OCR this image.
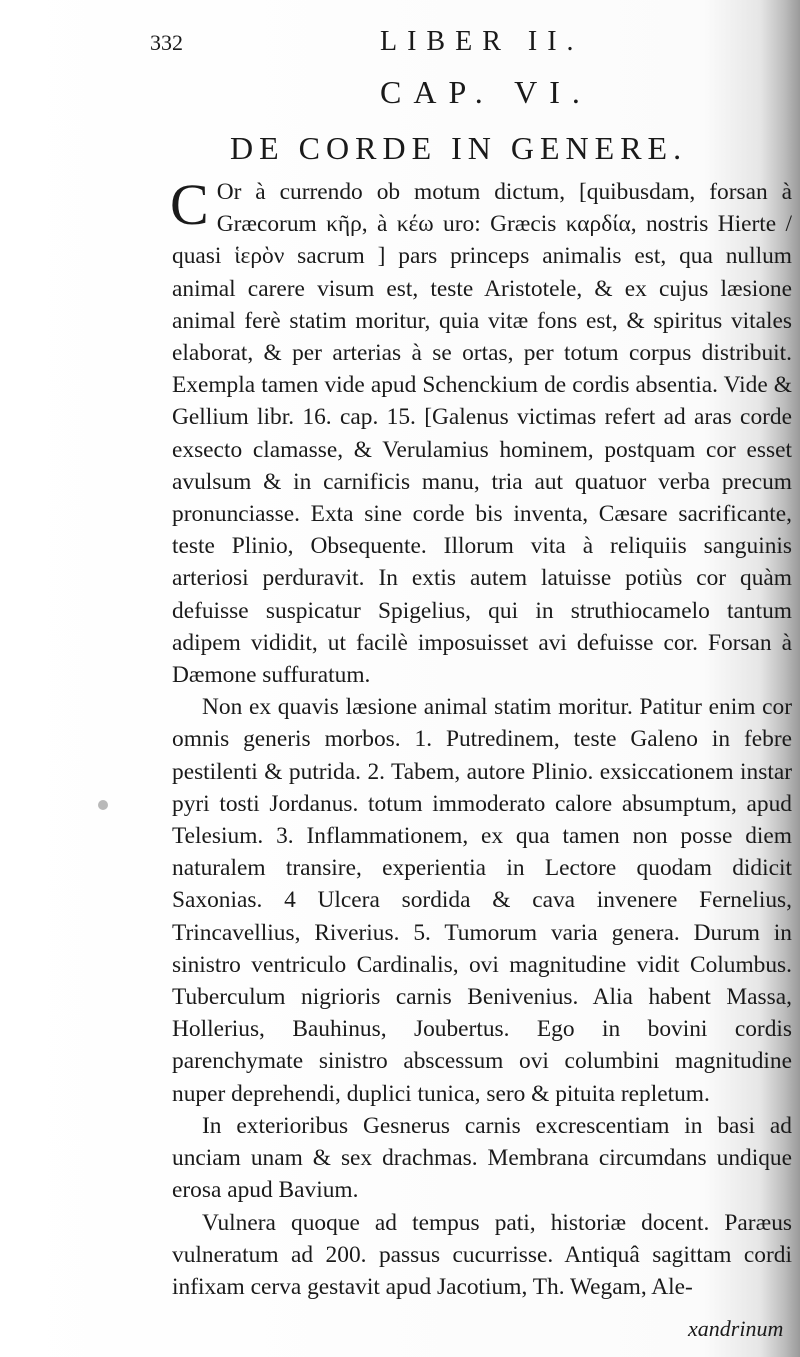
332	LIBER II.
CAP. VI.
DE CORDE IN GENERE.

C Or à currendo ob motum dictum, [quibusdam, forsan à Græcorum κῆρ, à κέω uro: Græcis καρδία, nostris Hierte / quasi ἱερὸν sacrum ] pars princeps animalis est, qua nullum animal carere visum est, teste Aristotele, & ex cujus læsione animal ferè statim moritur, quia vitæ fons est, & spiritus vitales elaborat, & per arterias à se ortas, per totum corpus distribuit. Exempla tamen vide apud Schenckium de cordis absentia. Vide & Gellium libr. 16. cap. 15. [Galenus victimas refert ad aras corde exsecto clamasse, & Verulamius hominem, postquam cor esset avulsum & in carnificis manu, tria aut quatuor verba precum pronunciasse. Exta sine corde bis inventa, Cæsare sacrificante, teste Plinio, Obsequente. Illorum vita à reliquiis sanguinis arteriosi perduravit. In extis autem latuisse potiùs cor quàm defuisse suspicatur Spigelius, qui in struthiocamelo tantum adipem vididit, ut facilè imposuisset avi defuisse cor. Forsan à Dæmone suffuratum.

Non ex quavis læsione animal statim moritur. Patitur enim cor omnis generis morbos. 1. Putredinem, teste Galeno in febre pestilenti & putrida. 2. Tabem, autore Plinio. exsiccationem instar pyri tosti Jordanus. totum immoderato calore absumptum, apud Telesium. 3. Inflammationem, ex qua tamen non posse diem naturalem transire, experientia in Lectore quodam didicit Saxonias. 4 Ulcera sordida & cava invenere Fernelius, Trincavellius, Riverius. 5. Tumorum varia genera. Durum in sinistro ventriculo Cardinalis, ovi magnitudine vidit Columbus. Tuberculum nigrioris carnis Benivenius. Alia habent Massa, Hollerius, Bauhinus, Joubertus. Ego in bovini cordis parenchymate sinistro abscessum ovi columbini magnitudine nuper deprehendi, duplici tunica, sero & pituita repletum.

In exterioribus Gesnerus carnis excrescentiam in basi ad unciam unam & sex drachmas. Membrana circumdans undique erosa apud Bavium.

Vulnera quoque ad tempus pati, historiæ docent. Paræus vulneratum ad 200. passus cucurrisse. Antiquâ sagittam cordi infixam cerva gestavit apud Jacotium, Th. Wegam, Ale-

xandrinum
